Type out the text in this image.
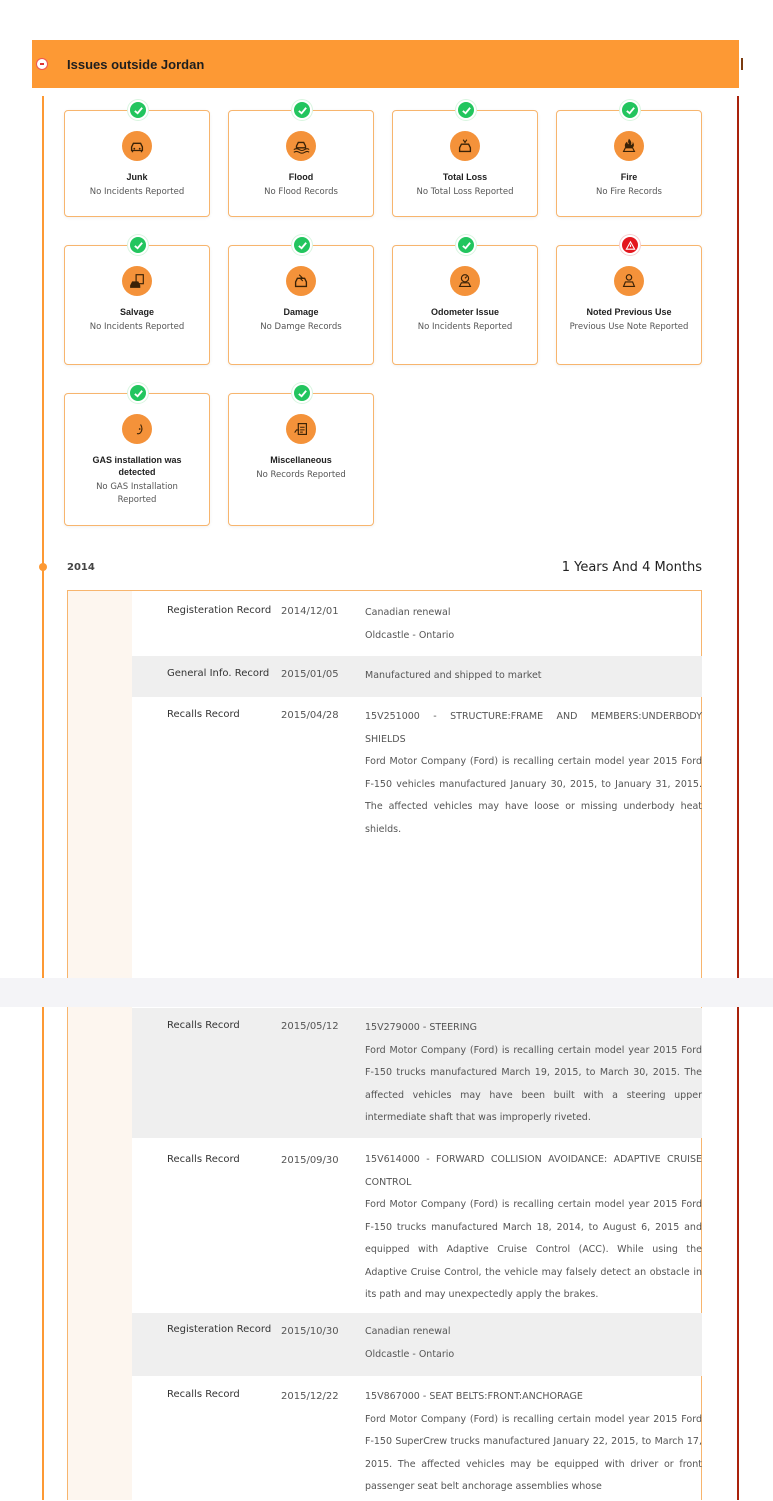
Issues outside Jordan
Junk
No Incidents Reported
Flood
No Flood Records
Total Loss
No Total Loss Reported
Fire
No Fire Records
Salvage
No Incidents Reported
Damage
No Damge Records
Odometer Issue
No Incidents Reported
Noted Previous Use
Previous Use Note Reported
GAS installation was detected
No GAS Installation Reported
Miscellaneous
No Records Reported
2014	1 Years And 4 Months
Registeration Record 2014/12/01	Canadian renewal
Oldcastle - Ontario
General Info. Record 2015/01/05	Manufactured and shipped to market
Recalls Record	2015/04/28	15V251000 - STRUCTURE:FRAME AND MEMBERS:UNDERBODY SHIELDS
Ford Motor Company (Ford) is recalling certain model year 2015 Ford F-150 vehicles manufactured January 30, 2015, to January 31, 2015. The affected vehicles may have loose or missing underbody heat shields.
Recalls Record	2015/05/12	15V279000 - STEERING
Ford Motor Company (Ford) is recalling certain model year 2015 Ford F-150 trucks manufactured March 19, 2015, to March 30, 2015. The affected vehicles may have been built with a steering upper intermediate shaft that was improperly riveted.
Recalls Record	2015/09/30	15V614000 - FORWARD COLLISION AVOIDANCE: ADAPTIVE CRUISE CONTROL
Ford Motor Company (Ford) is recalling certain model year 2015 Ford F-150 trucks manufactured March 18, 2014, to August 6, 2015 and equipped with Adaptive Cruise Control (ACC). While using the Adaptive Cruise Control, the vehicle may falsely detect an obstacle in its path and may unexpectedly apply the brakes.
Registeration Record 2015/10/30	Canadian renewal
Oldcastle - Ontario
Recalls Record	2015/12/22	15V867000 - SEAT BELTS:FRONT:ANCHORAGE
Ford Motor Company (Ford) is recalling certain model year 2015 Ford F-150 SuperCrew trucks manufactured January 22, 2015, to March 17, 2015. The affected vehicles may be equipped with driver or front passenger seat belt anchorage assemblies whose
